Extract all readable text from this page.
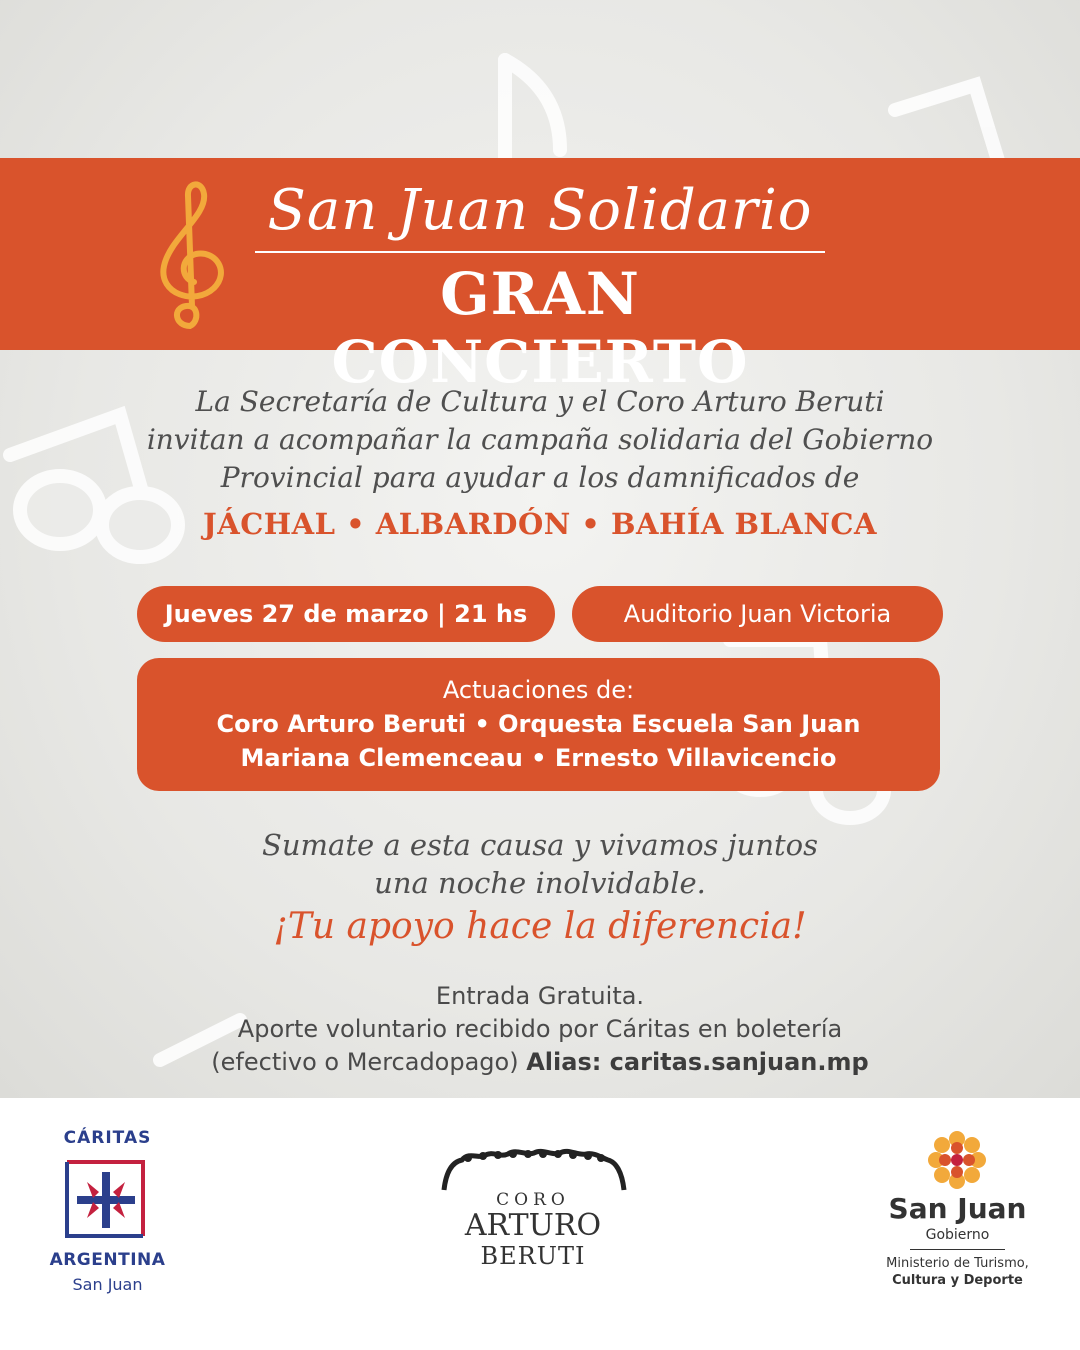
San Juan Solidario
GRAN CONCIERTO
La Secretaría de Cultura y el Coro Arturo Beruti
invitan a acompañar la campaña solidaria del Gobierno
Provincial para ayudar a los damnificados de
JÁCHAL • ALBARDÓN • BAHÍA BLANCA
Jueves 27 de marzo | 21 hs	Auditorio Juan Victoria
Actuaciones de:
Coro Arturo Beruti • Orquesta Escuela San Juan
Mariana Clemenceau • Ernesto Villavicencio
Sumate a esta causa y vivamos juntos
una noche inolvidable.
¡Tu apoyo hace la diferencia!
Entrada Gratuita.
Aporte voluntario recibido por Cáritas en boletería
(efectivo o Mercadopago) Alias: caritas.sanjuan.mp
CÁRITAS
ARGENTINA
San Juan
CORO
ARTURO
BERUTI
San Juan
Gobierno
Ministerio de Turismo,
Cultura y Deporte
